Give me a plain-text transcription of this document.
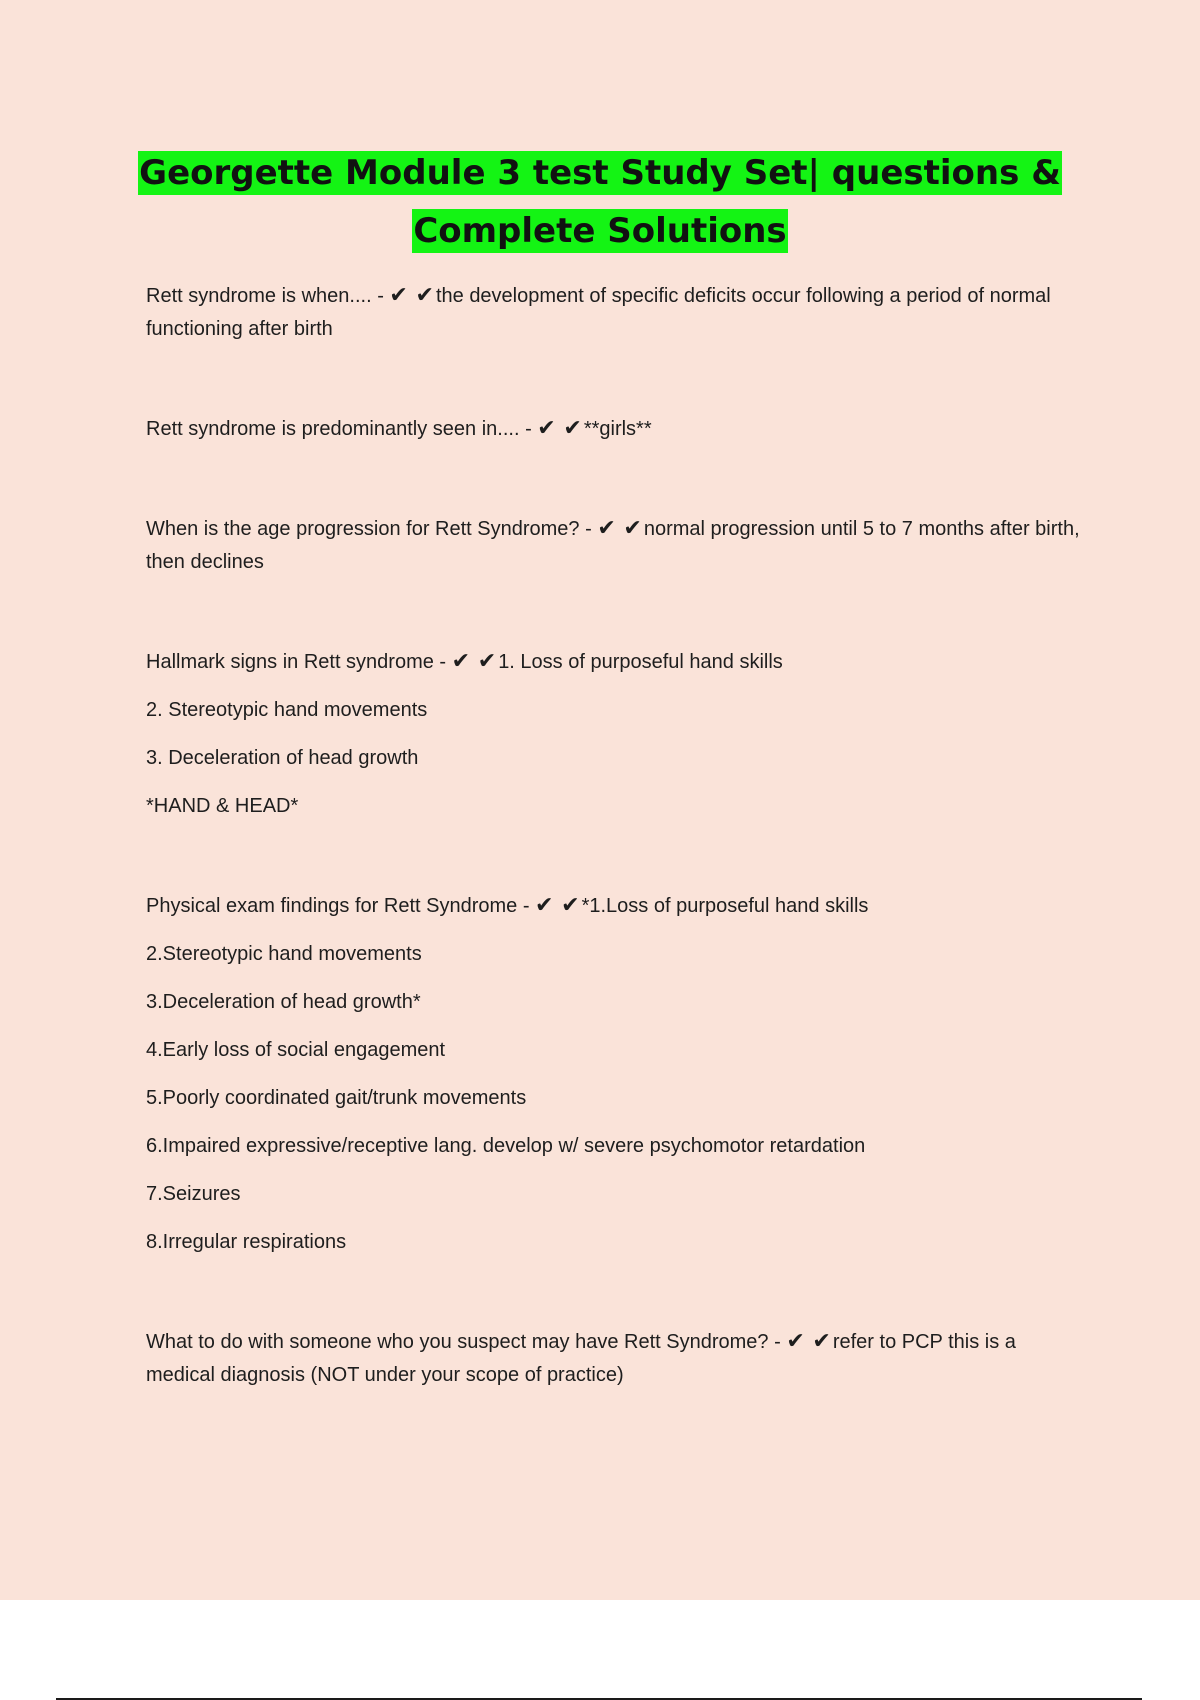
Georgette Module 3 test Study Set| questions &
Complete Solutions

Rett syndrome is when.... - ✔ ✔ the development of specific deficits occur following a period of normal functioning after birth

Rett syndrome is predominantly seen in.... - ✔ ✔ **girls**

When is the age progression for Rett Syndrome? - ✔ ✔ normal progression until 5 to 7 months after birth, then declines

Hallmark signs in Rett syndrome - ✔ ✔ 1. Loss of purposeful hand skills

2. Stereotypic hand movements

3. Deceleration of head growth

*HAND & HEAD*

Physical exam findings for Rett Syndrome - ✔ ✔ *1.Loss of purposeful hand skills

2.Stereotypic hand movements

3.Deceleration of head growth*

4.Early loss of social engagement

5.Poorly coordinated gait/trunk movements

6.Impaired expressive/receptive lang. develop w/ severe psychomotor retardation

7.Seizures

8.Irregular respirations

What to do with someone who you suspect may have Rett Syndrome? - ✔ ✔ refer to PCP this is a medical diagnosis (NOT under your scope of practice)
